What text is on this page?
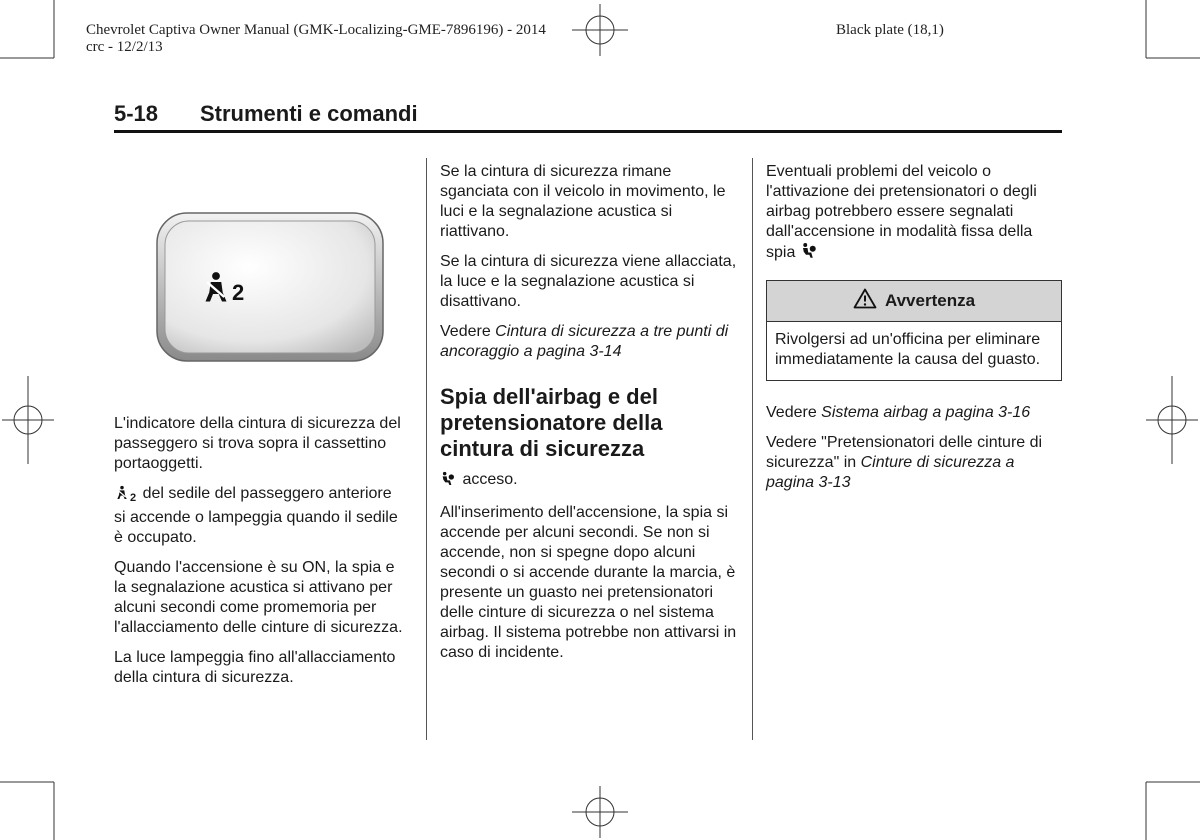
Chevrolet Captiva Owner Manual (GMK-Localizing-GME-7896196) - 2014
crc - 12/2/13
Black plate (18,1)
5-18 Strumenti e comandi
2

L'indicatore della cintura di sicurezza del passeggero si trova sopra il cassettino portaoggetti.

2 del sedile del passeggero anteriore si accende o lampeggia quando il sedile è occupato.

Quando l'accensione è su ON, la spia e la segnalazione acustica si attivano per alcuni secondi come promemoria per l'allacciamento delle cinture di sicurezza.

La luce lampeggia fino all'allacciamento della cintura di sicurezza.

Se la cintura di sicurezza rimane sganciata con il veicolo in movimento, le luci e la segnalazione acustica si riattivano.

Se la cintura di sicurezza viene allacciata, la luce e la segnalazione acustica si disattivano.

Vedere Cintura di sicurezza a tre punti di ancoraggio a pagina 3-14

Spia dell'airbag e del pretensionatore della cintura di sicurezza

acceso.

All'inserimento dell'accensione, la spia si accende per alcuni secondi. Se non si accende, non si spegne dopo alcuni secondi o si accende durante la marcia, è presente un guasto nei pretensionatori delle cinture di sicurezza o nel sistema airbag. Il sistema potrebbe non attivarsi in caso di incidente.

Eventuali problemi del veicolo o l'attivazione dei pretensionatori o degli airbag potrebbero essere segnalati dall'accensione in modalità fissa della spia

Avvertenza
Rivolgersi ad un'officina per eliminare immediatamente la causa del guasto.

Vedere Sistema airbag a pagina 3-16

Vedere "Pretensionatori delle cinture di sicurezza" in Cinture di sicurezza a pagina 3-13
